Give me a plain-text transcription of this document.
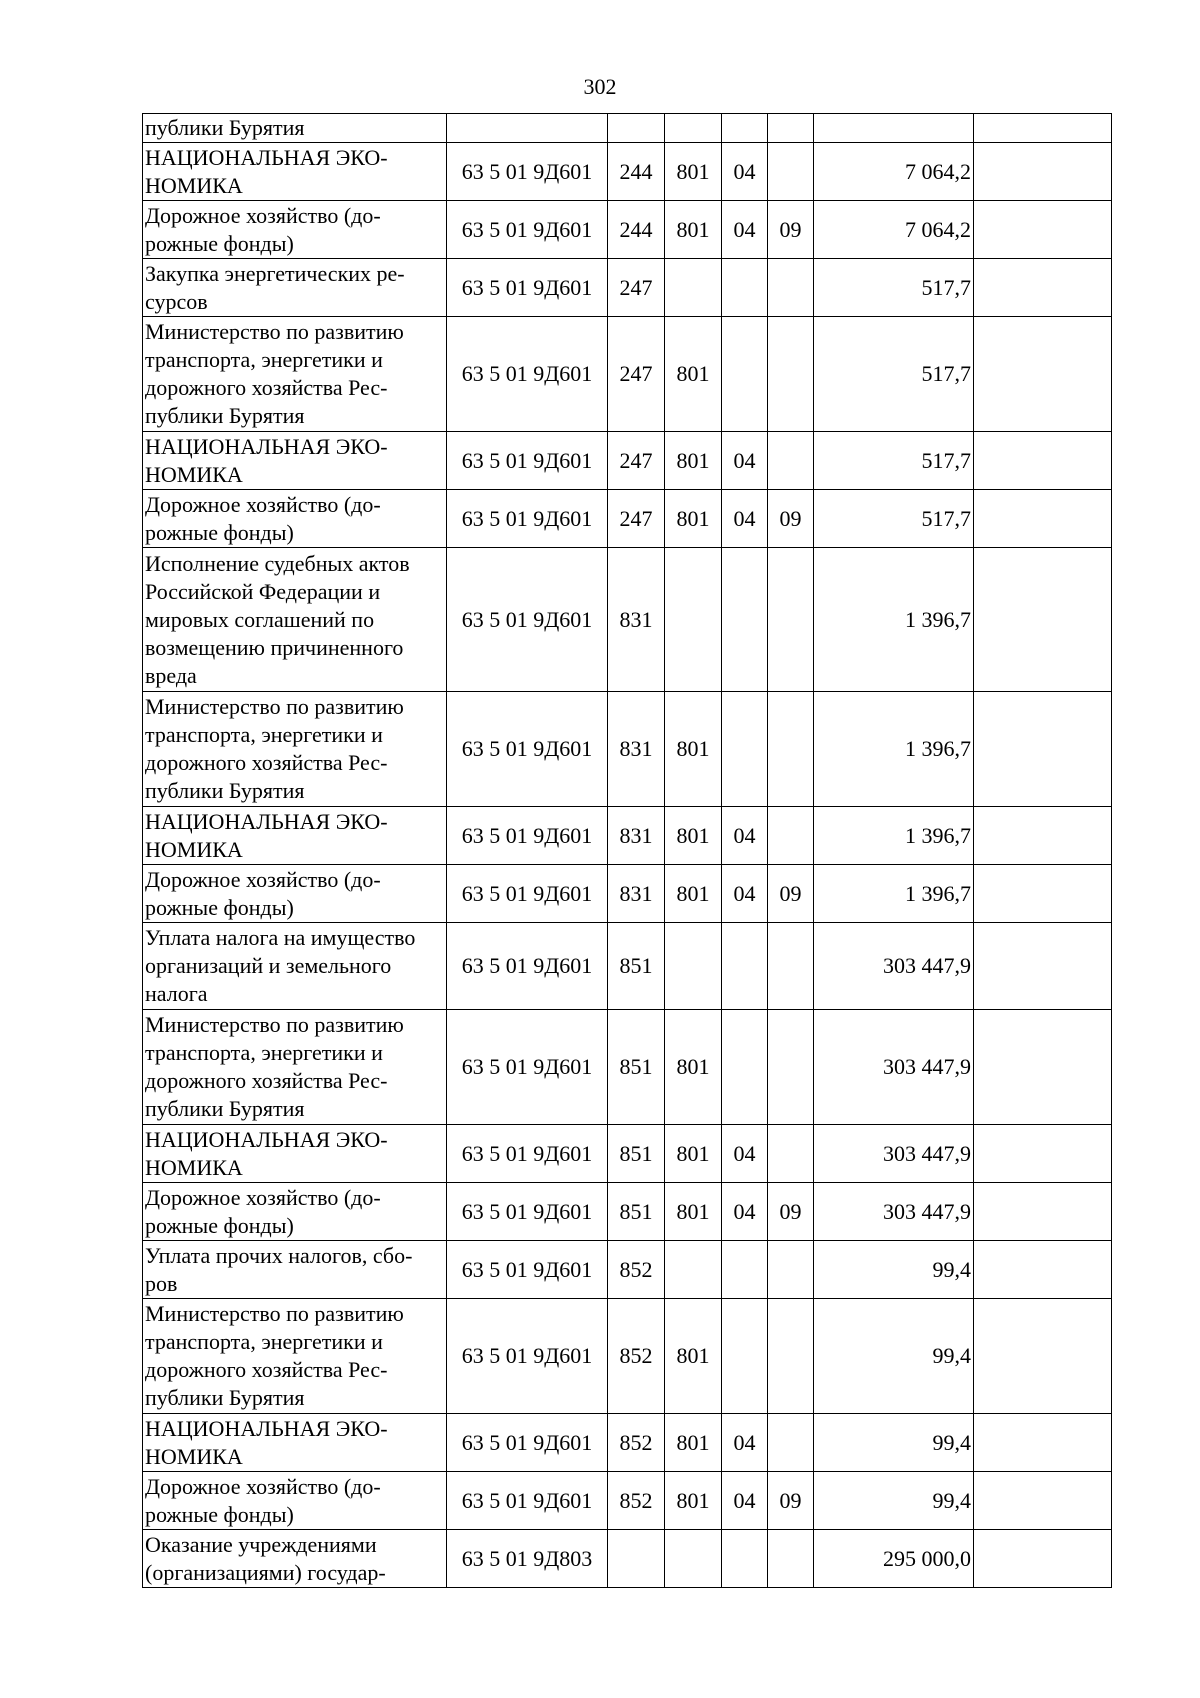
302
публики Бурятия							
НАЦИОНАЛЬНАЯ ЭКО-
НОМИКА	63 5 01 9Д601	244	801	04		7 064,2	
Дорожное хозяйство (до-
рожные фонды)	63 5 01 9Д601	244	801	04	09	7 064,2	
Закупка энергетических ре-
сурсов	63 5 01 9Д601	247				517,7	
Министерство по развитию
транспорта, энергетики и
дорожного хозяйства Рес-
публики Бурятия	63 5 01 9Д601	247	801			517,7	
НАЦИОНАЛЬНАЯ ЭКО-
НОМИКА	63 5 01 9Д601	247	801	04		517,7	
Дорожное хозяйство (до-
рожные фонды)	63 5 01 9Д601	247	801	04	09	517,7	
Исполнение судебных актов
Российской Федерации и
мировых соглашений по
возмещению причиненного
вреда	63 5 01 9Д601	831				1 396,7	
Министерство по развитию
транспорта, энергетики и
дорожного хозяйства Рес-
публики Бурятия	63 5 01 9Д601	831	801			1 396,7	
НАЦИОНАЛЬНАЯ ЭКО-
НОМИКА	63 5 01 9Д601	831	801	04		1 396,7	
Дорожное хозяйство (до-
рожные фонды)	63 5 01 9Д601	831	801	04	09	1 396,7	
Уплата налога на имущество
организаций и земельного
налога	63 5 01 9Д601	851				303 447,9	
Министерство по развитию
транспорта, энергетики и
дорожного хозяйства Рес-
публики Бурятия	63 5 01 9Д601	851	801			303 447,9	
НАЦИОНАЛЬНАЯ ЭКО-
НОМИКА	63 5 01 9Д601	851	801	04		303 447,9	
Дорожное хозяйство (до-
рожные фонды)	63 5 01 9Д601	851	801	04	09	303 447,9	
Уплата прочих налогов, сбо-
ров	63 5 01 9Д601	852				99,4	
Министерство по развитию
транспорта, энергетики и
дорожного хозяйства Рес-
публики Бурятия	63 5 01 9Д601	852	801			99,4	
НАЦИОНАЛЬНАЯ ЭКО-
НОМИКА	63 5 01 9Д601	852	801	04		99,4	
Дорожное хозяйство (до-
рожные фонды)	63 5 01 9Д601	852	801	04	09	99,4	
Оказание учреждениями
(организациями) государ-	63 5 01 9Д803					295 000,0	
